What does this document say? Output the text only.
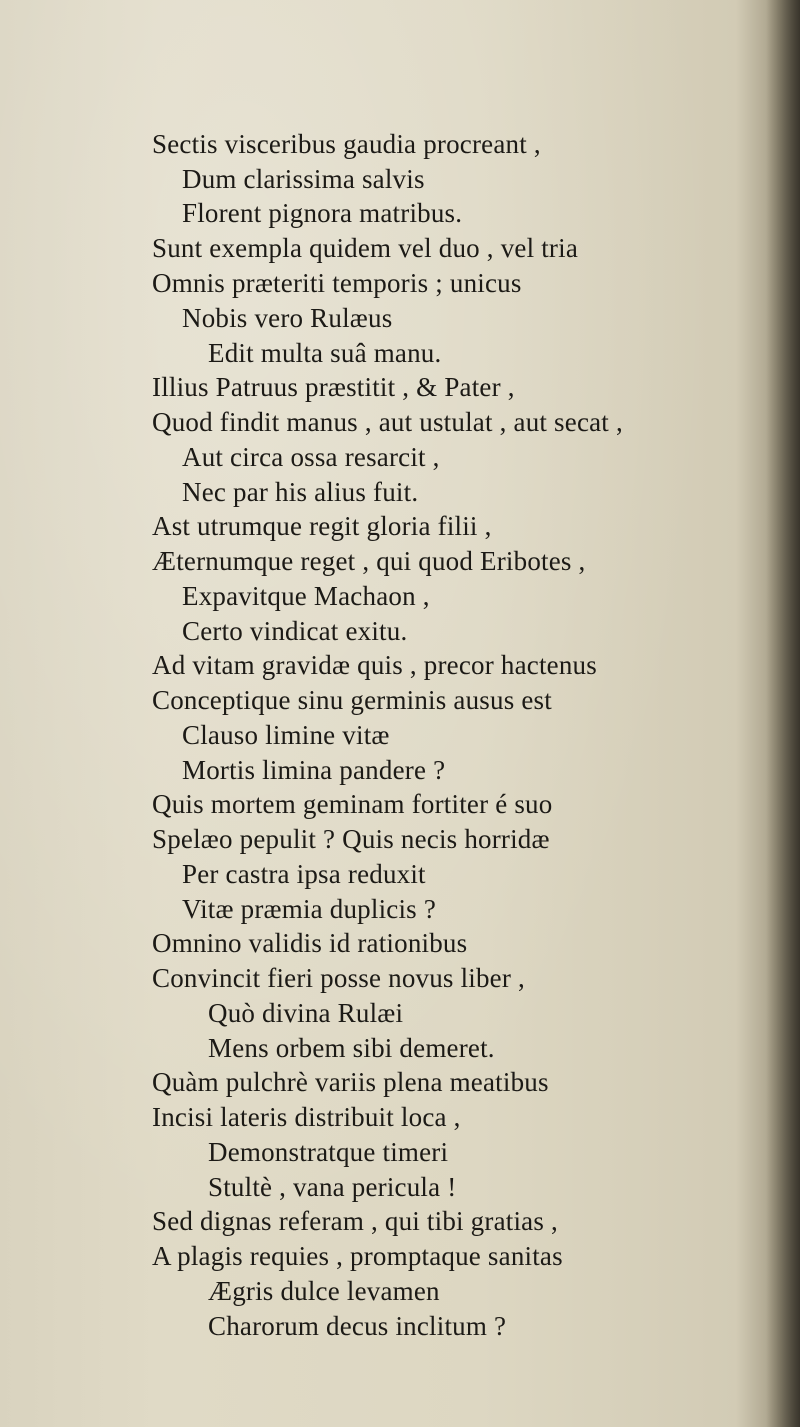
Sectis visceribus gaudia procreant ,

Dum clarissima salvis

Florent pignora matribus.

Sunt exempla quidem vel duo , vel tria

Omnis præteriti temporis ; unicus

Nobis vero Rulæus

Edit multa suâ manu.

Illius Patruus præstitit , & Pater ,

Quod findit manus , aut ustulat , aut secat ,

Aut circa ossa resarcit ,

Nec par his alius fuit.

Ast utrumque regit gloria filii ,

Æternumque reget , qui quod Eribotes ,

Expavitque Machaon ,

Certo vindicat exitu.

Ad vitam gravidæ quis , precor hactenus

Conceptique sinu germinis ausus est

Clauso limine vitæ

Mortis limina pandere ?

Quis mortem geminam fortiter é suo

Spelæo pepulit ? Quis necis horridæ

Per castra ipsa reduxit

Vitæ præmia duplicis ?

Omnino validis id rationibus

Convincit fieri posse novus liber ,

Quò divina Rulæi

Mens orbem sibi demeret.

Quàm pulchrè variis plena meatibus

Incisi lateris distribuit loca ,

Demonstratque timeri

Stultè , vana pericula !

Sed dignas referam , qui tibi gratias ,

A plagis requies , promptaque sanitas

Ægris dulce levamen

Charorum decus inclitum ?
